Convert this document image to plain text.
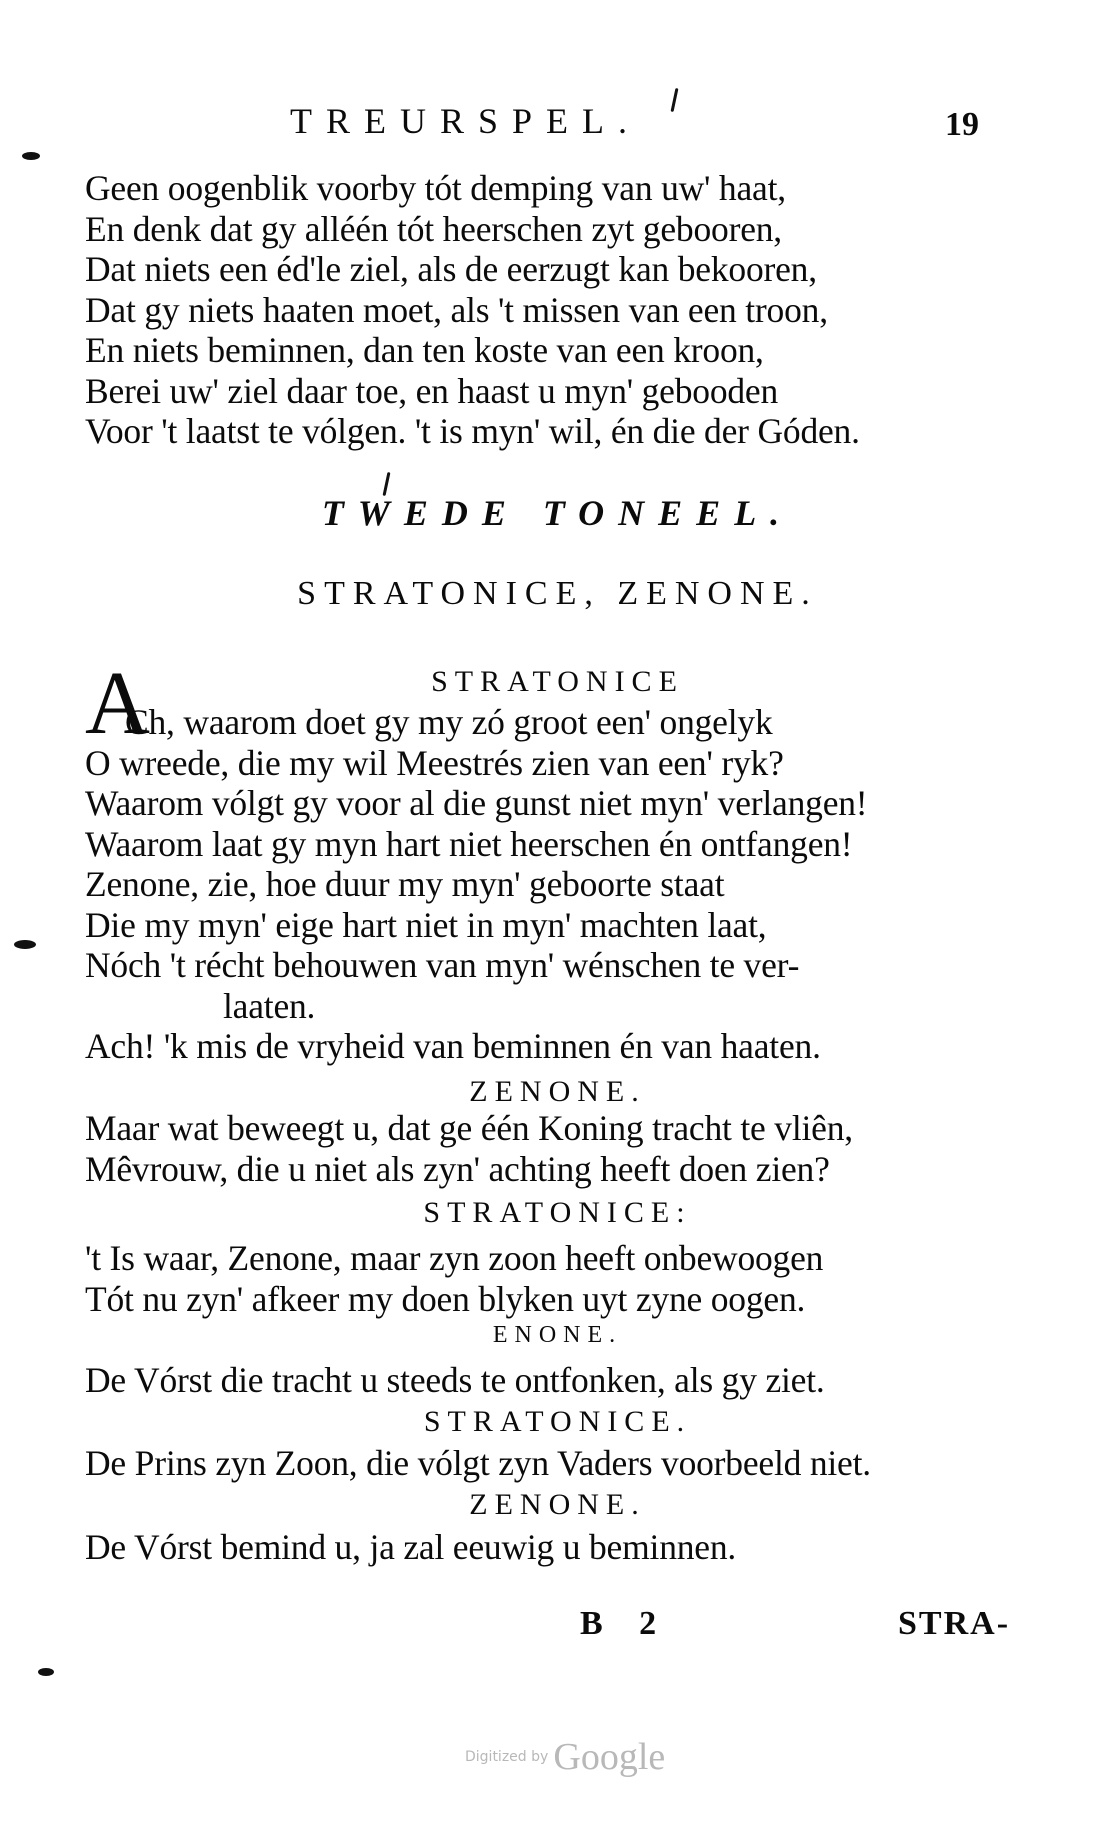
TREURSPEL.	19
Geen oogenblik voorby tót demping van uw' haat,
En denk dat gy alléén tót heerschen zyt gebooren,
Dat niets een éd'le ziel, als de eerzugt kan bekooren,
Dat gy niets haaten moet, als 't missen van een troon,
En niets beminnen, dan ten koste van een kroon,
Berei uw' ziel daar toe, en haast u myn' gebooden
Voor 't laatst te vólgen. 't is myn' wil, én die der Góden.
TWEDE TONEEL.
STRATONICE, ZENONE.
STRATONICE
A
Ch, waarom doet gy my zó groot een' ongelyk
O wreede, die my wil Meestrés zien van een' ryk?
Waarom vólgt gy voor al die gunst niet myn' verlangen!
Waarom laat gy myn hart niet heerschen én ontfangen!
Zenone, zie, hoe duur my myn' geboorte staat
Die my myn' eige hart niet in myn' machten laat,
Nóch 't récht behouwen van myn' wénschen te ver-
laaten.
Ach! 'k mis de vryheid van beminnen én van haaten.
ZENONE.
Maar wat beweegt u, dat ge één Koning tracht te vliên,
Mêvrouw, die u niet als zyn' achting heeft doen zien?
STRATONICE:
't Is waar, Zenone, maar zyn zoon heeft onbewoogen
Tót nu zyn' afkeer my doen blyken uyt zyne oogen.
ENONE.
De Vórst die tracht u steeds te ontfonken, als gy ziet.
STRATONICE.
De Prins zyn Zoon, die vólgt zyn Vaders voorbeeld niet.
ZENONE.
De Vórst bemind u, ja zal eeuwig u beminnen.
B 2	STRA-
Digitized by Google
